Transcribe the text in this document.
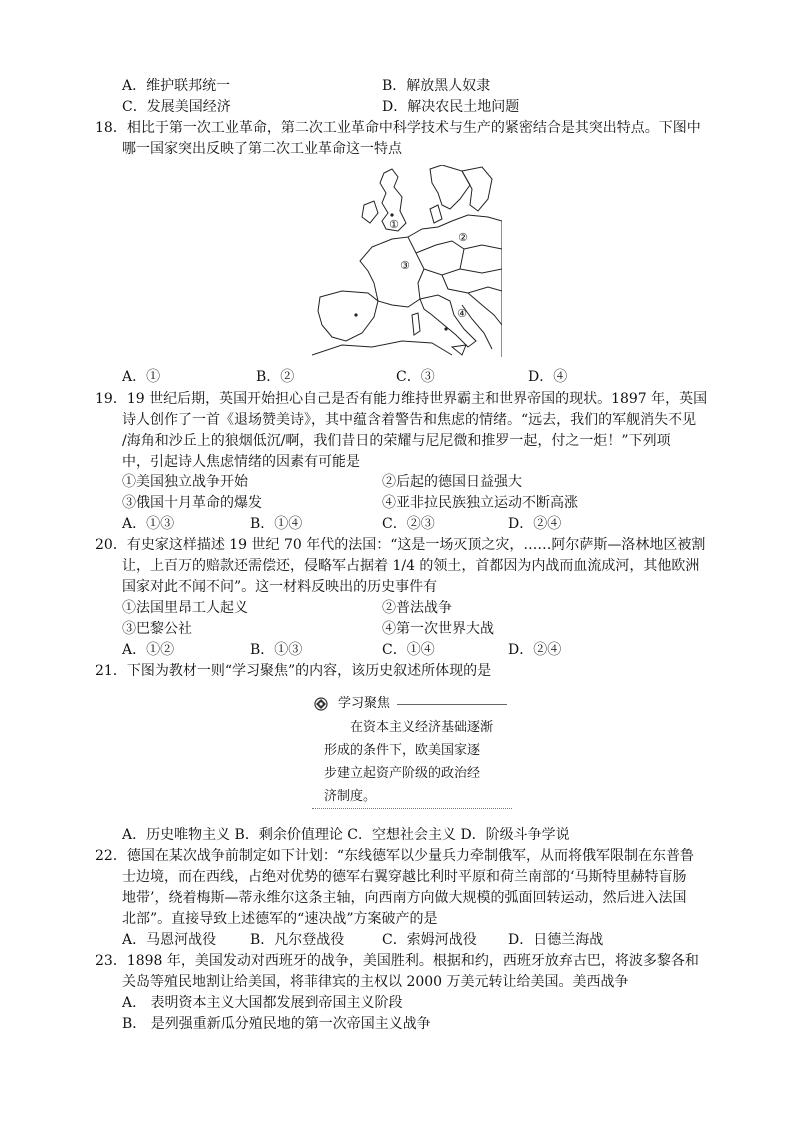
A．维护联邦统一	B．解放黑人奴隶
C．发展美国经济	D．解决农民土地问题
18．相比于第一次工业革命，第二次工业革命中科学技术与生产的紧密结合是其突出特点。下图中
哪一国家突出反映了第二次工业革命这一特点
①
②
③
④
A．①	B．②	C．③	D．④
19．19 世纪后期，英国开始担心自己是否有能力维持世界霸主和世界帝国的现状。1897 年，英国
诗人创作了一首《退场赞美诗》，其中蕴含着警告和焦虑的情绪。“远去，我们的军舰消失不见
/海角和沙丘上的狼烟低沉/啊，我们昔日的荣耀与尼尼微和推罗一起，付之一炬！”下列项
中，引起诗人焦虑情绪的因素有可能是
①美国独立战争开始	②后起的德国日益强大
③俄国十月革命的爆发	④亚非拉民族独立运动不断高涨
A．①③	B．①④	C．②③	D．②④
20．有史家这样描述 19 世纪 70 年代的法国：“这是一场灭顶之灾，……阿尔萨斯—洛林地区被割
让，上百万的赔款还需偿还，侵略军占据着 1/4 的领土，首都因为内战而血流成河，其他欧洲
国家对此不闻不问”。这一材料反映出的历史事件有
①法国里昂工人起义	②普法战争
③巴黎公社	④第一次世界大战
A．①②	B．①③	C．①④	D．②④
21．下图为教材一则“学习聚焦”的内容，该历史叙述所体现的是
学习聚焦
在资本主义经济基础逐渐
形成的条件下，欧美国家逐
步建立起资产阶级的政治经
济制度。
A．历史唯物主义 B．剩余价值理论 C．空想社会主义 D．阶级斗争学说
22．德国在某次战争前制定如下计划：“东线德军以少量兵力牵制俄军，从而将俄军限制在东普鲁
士边境，而在西线，占绝对优势的德军右翼穿越比利时平原和荷兰南部的‘马斯特里赫特盲肠
地带’，绕着梅斯—蒂永维尔这条主轴，向西南方向做大规模的弧面回转运动，然后进入法国
北部”。直接导致上述德军的“速决战”方案破产的是
A．马恩河战役 B．凡尔登战役	C．索姆河战役 D．日德兰海战
23．1898 年，美国发动对西班牙的战争，美国胜利。根据和约，西班牙放弃古巴，将波多黎各和
关岛等殖民地割让给美国，将菲律宾的主权以 2000 万美元转让给美国。美西战争
A． 表明资本主义大国都发展到帝国主义阶段
B． 是列强重新瓜分殖民地的第一次帝国主义战争
